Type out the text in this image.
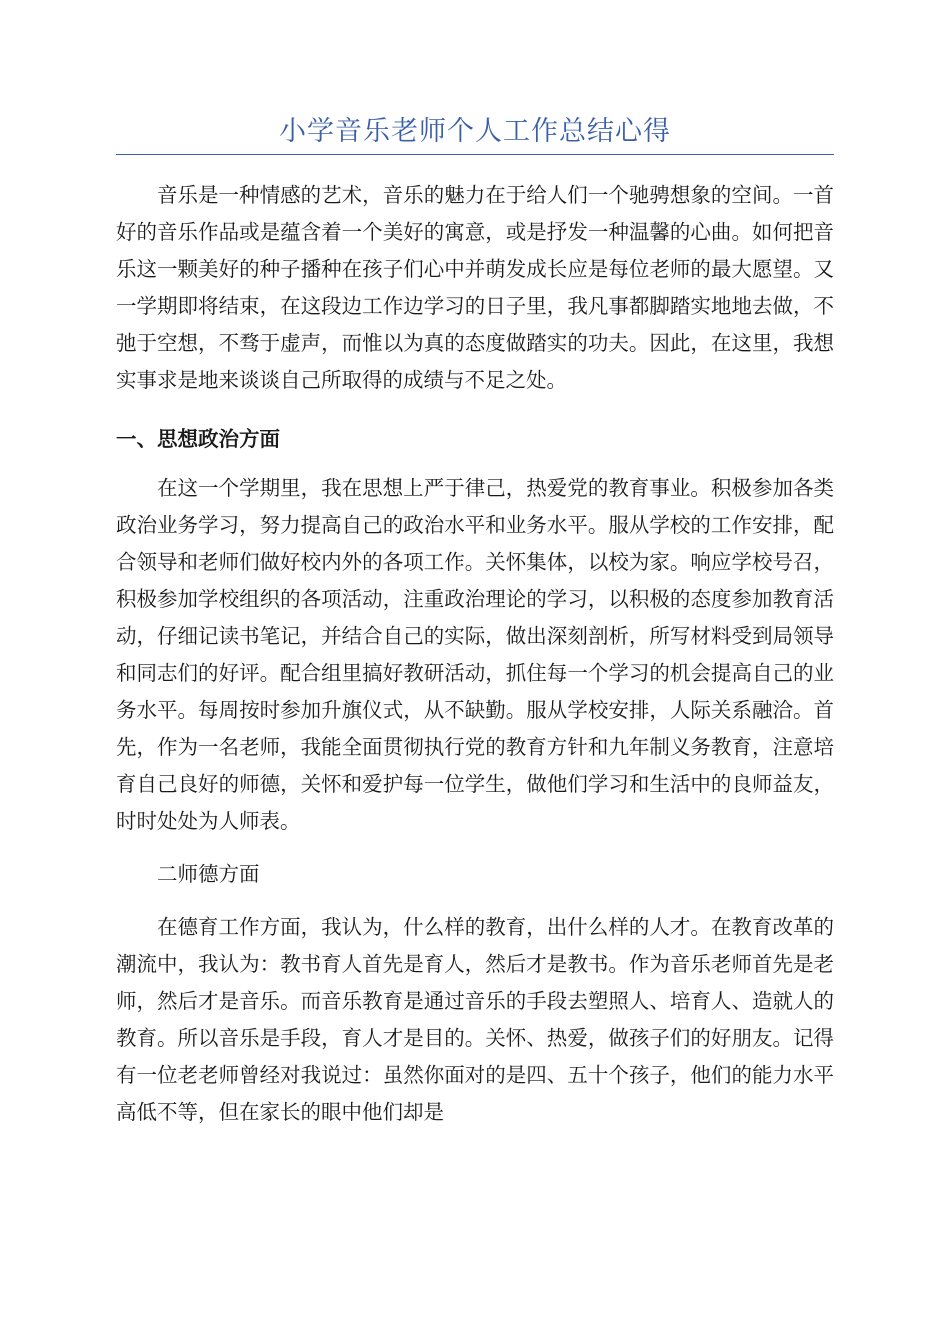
小学音乐老师个人工作总结心得

音乐是一种情感的艺术，音乐的魅力在于给人们一个驰骋想象的空间。一首好的音乐作品或是蕴含着一个美好的寓意，或是抒发一种温馨的心曲。如何把音乐这一颗美好的种子播种在孩子们心中并萌发成长应是每位老师的最大愿望。又一学期即将结束，在这段边工作边学习的日子里，我凡事都脚踏实地地去做，不弛于空想，不骛于虚声，而惟以为真的态度做踏实的功夫。因此，在这里，我想实事求是地来谈谈自己所取得的成绩与不足之处。

一、思想政治方面

在这一个学期里，我在思想上严于律己，热爱党的教育事业。积极参加各类政治业务学习，努力提高自己的政治水平和业务水平。服从学校的工作安排，配合领导和老师们做好校内外的各项工作。关怀集体，以校为家。响应学校号召，积极参加学校组织的各项活动，注重政治理论的学习，以积极的态度参加教育活动，仔细记读书笔记，并结合自己的实际，做出深刻剖析，所写材料受到局领导和同志们的好评。配合组里搞好教研活动，抓住每一个学习的机会提高自己的业务水平。每周按时参加升旗仪式，从不缺勤。服从学校安排，人际关系融洽。首先，作为一名老师，我能全面贯彻执行党的教育方针和九年制义务教育，注意培育自己良好的师德，关怀和爱护每一位学生，做他们学习和生活中的良师益友，时时处处为人师表。

二师德方面

在德育工作方面，我认为，什么样的教育，出什么样的人才。在教育改革的潮流中，我认为：教书育人首先是育人，然后才是教书。作为音乐老师首先是老师，然后才是音乐。而音乐教育是通过音乐的手段去塑照人、培育人、造就人的教育。所以音乐是手段，育人才是目的。关怀、热爱，做孩子们的好朋友。记得有一位老老师曾经对我说过：虽然你面对的是四、五十个孩子，他们的能力水平高低不等，但在家长的眼中他们却是
